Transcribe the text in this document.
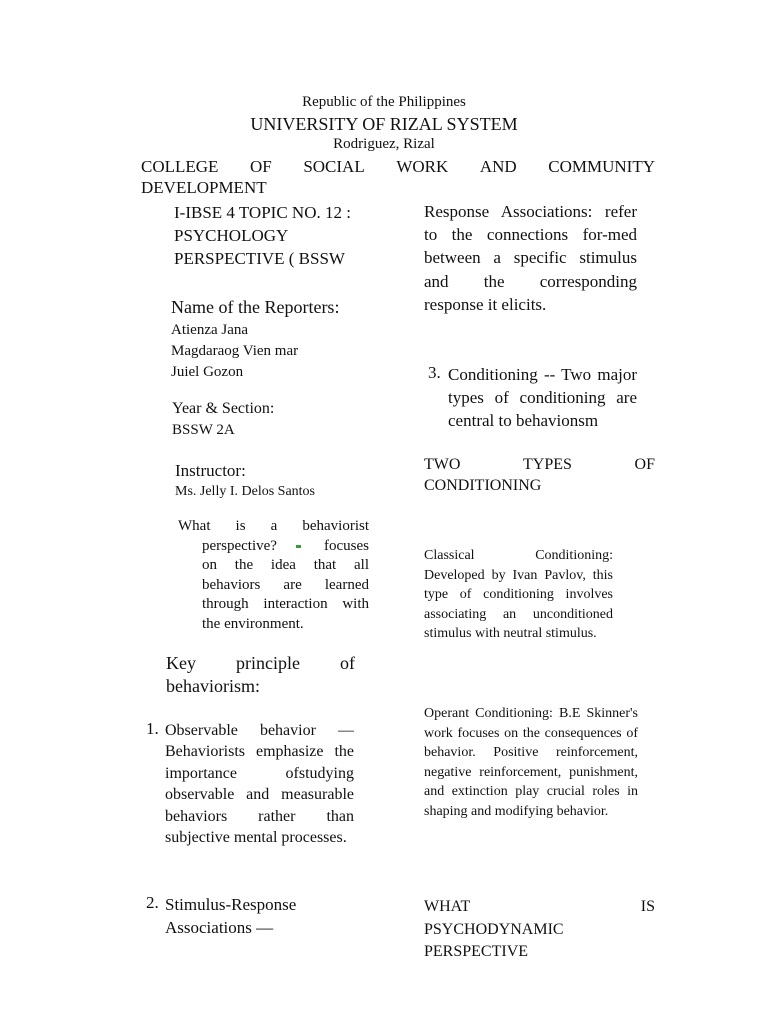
Republic of the Philippines
UNIVERSITY OF RIZAL SYSTEM
Rodriguez, Rizal
COLLEGE OF SOCIAL WORK AND COMMUNITY
DEVELOPMENT
I-IBSE 4 TOPIC NO. 12 :
PSYCHOLOGY
PERSPECTIVE ( BSSW
Name of the Reporters:
Atienza Jana
Magdaraog Vien mar
Juiel Gozon
Year & Section:
BSSW 2A
Instructor:
Ms. Jelly I. Delos Santos
What is a behaviorist
perspective?	focuses
on the idea that all behaviors are learned through interaction with the environment.
Key principle of
behaviorism:
1. Observable behavior — Behaviorists emphasize the importance ofstudying observable and measurable behaviors rather than subjective mental processes.
2. Stimulus-Response
Associations —
Response Associations: refer to the connections for-med between a specific stimulus and the corresponding response it elicits.
3. Conditioning -- Two major types of conditioning are central to behavionsm
TWO	TYPES	OF
CONDITIONING
Classical Conditioning: Developed by Ivan Pavlov, this type of conditioning involves associating an unconditioned stimulus with neutral stimulus.
Operant Conditioning: B.E Skinner's work focuses on the consequences of behavior. Positive reinforcement, negative reinforcement, punishment, and extinction play crucial roles in shaping and modifying behavior.
WHAT	IS
PSYCHODYNAMIC
PERSPECTIVE
